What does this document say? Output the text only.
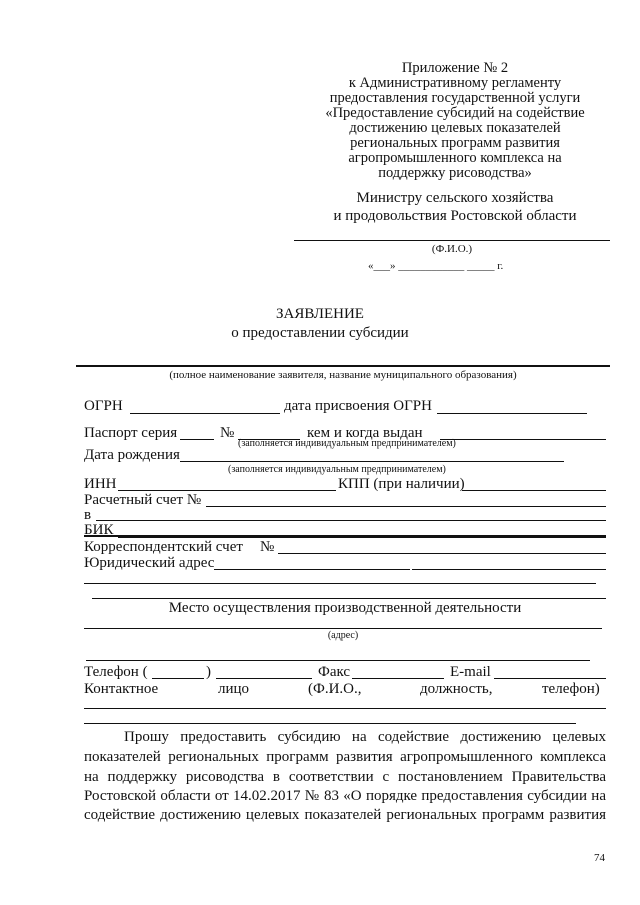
Приложение № 2
к Административному регламенту
предоставления государственной услуги
«Предоставление субсидий на содействие
достижению целевых показателей
региональных программ развития
агропромышленного комплекса на
поддержку рисоводства»
Министру сельского хозяйства
и продовольствия Ростовской области
(Ф.И.О.)
«___» ____________ _____ г.
ЗАЯВЛЕНИЕ
о предоставлении субсидии
(полное наименование заявителя, название муниципального образования)
ОГРН	дата присвоения ОГРН
Паспорт серия	№	кем и когда выдан
(заполняется индивидуальным предпринимателем)
Дата рождения
(заполняется индивидуальным предпринимателем)
ИНН	КПП (при наличии)
Расчетный счет №
в
БИК
Корреспондентский счет №
Юридический адрес
Место осуществления производственной деятельности
(адрес)
Телефон (	)	Факс	E-mail
Контактное	лицо	(Ф.И.О.,	должность,	телефон)
Прошу предоставить субсидию на содействие достижению целевых
показателей региональных программ развития агропромышленного комплекса
на поддержку рисоводства в соответствии с постановлением Правительства
Ростовской области от 14.02.2017 № 83 «О порядке предоставления субсидии на
содействие достижению целевых показателей региональных программ развития
74
